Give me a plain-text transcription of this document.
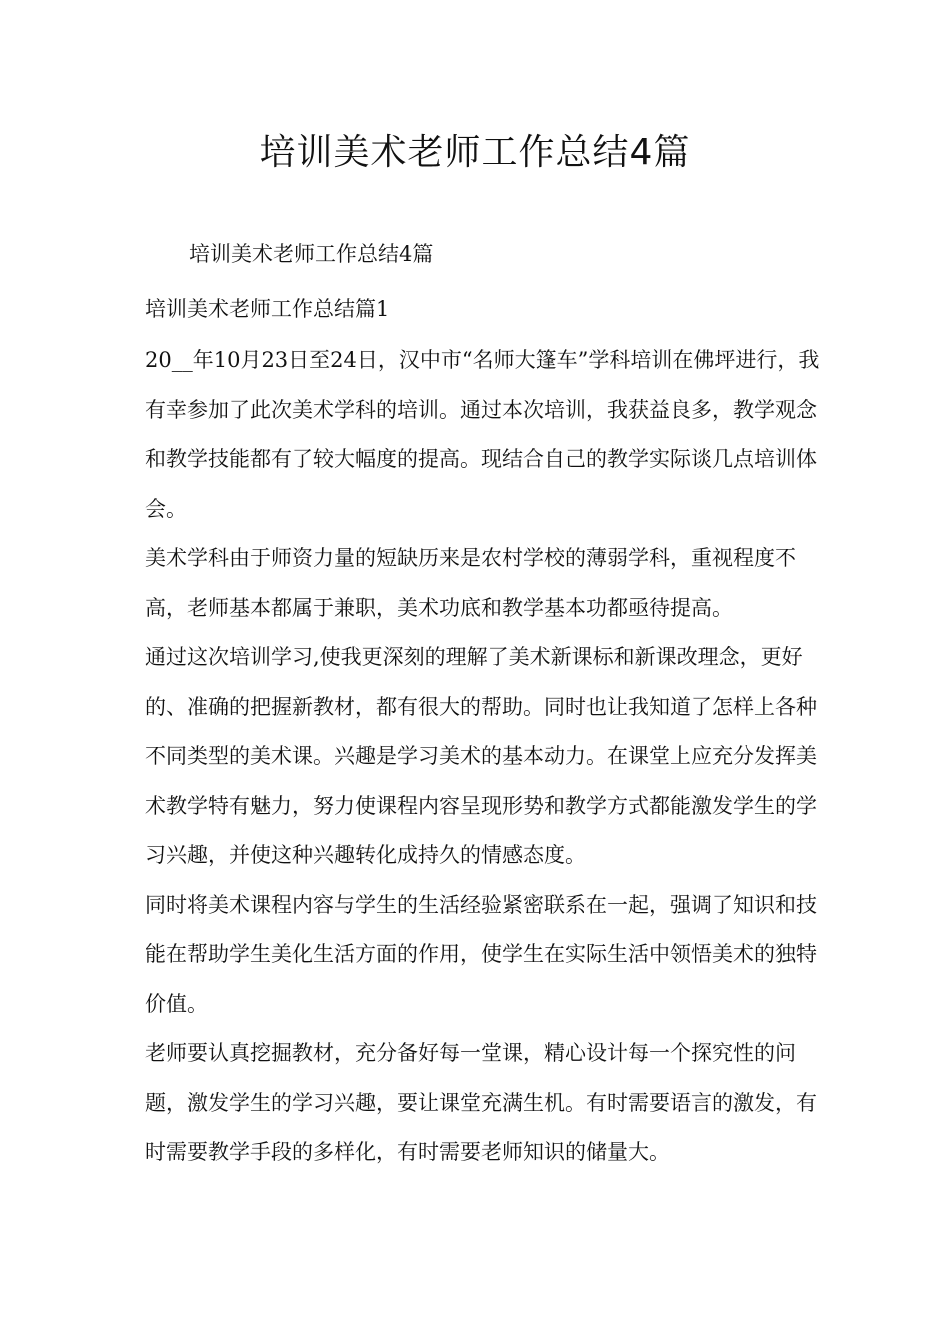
培训美术老师工作总结4篇

培训美术老师工作总结4篇

培训美术老师工作总结篇1

20__年10月23日至24日，汉中市“名师大篷车”学科培训在佛坪进行，我有幸参加了此次美术学科的培训。通过本次培训，我获益良多，教学观念和教学技能都有了较大幅度的提高。现结合自己的教学实际谈几点培训体会。

美术学科由于师资力量的短缺历来是农村学校的薄弱学科，重视程度不高，老师基本都属于兼职，美术功底和教学基本功都亟待提高。

通过这次培训学习,使我更深刻的理解了美术新课标和新课改理念，更好的、准确的把握新教材，都有很大的帮助。同时也让我知道了怎样上各种不同类型的美术课。兴趣是学习美术的基本动力。在课堂上应充分发挥美术教学特有魅力，努力使课程内容呈现形势和教学方式都能激发学生的学习兴趣，并使这种兴趣转化成持久的情感态度。

同时将美术课程内容与学生的生活经验紧密联系在一起，强调了知识和技能在帮助学生美化生活方面的作用，使学生在实际生活中领悟美术的独特价值。

老师要认真挖掘教材，充分备好每一堂课，精心设计每一个探究性的问题，激发学生的学习兴趣，要让课堂充满生机。有时需要语言的激发，有时需要教学手段的多样化，有时需要老师知识的储量大。
